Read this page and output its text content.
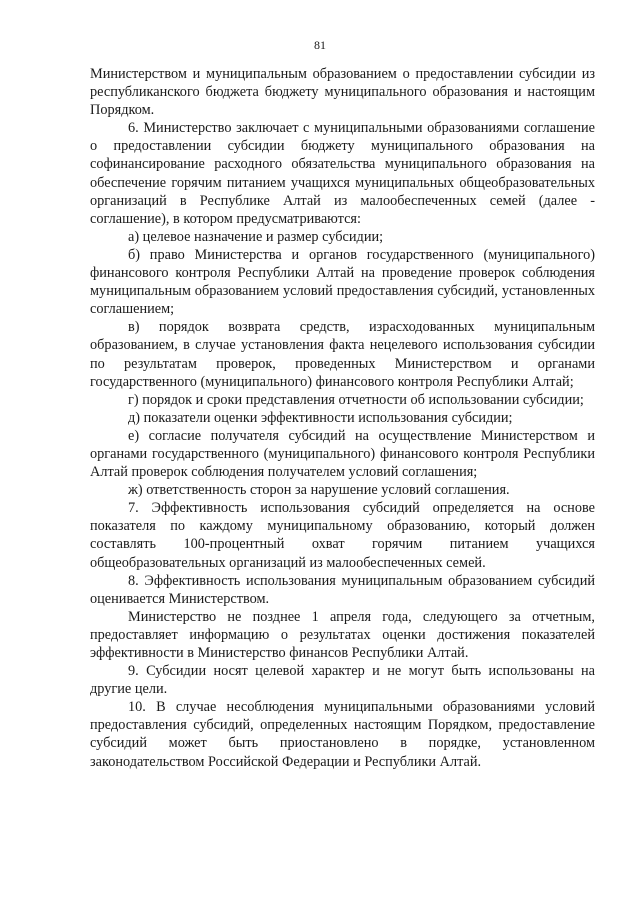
81

Министерством и муниципальным образованием о предоставлении субсидии из республиканского бюджета бюджету муниципального образования и настоящим Порядком.

6. Министерство заключает с муниципальными образованиями соглашение о предоставлении субсидии бюджету муниципального образования на софинансирование расходного обязательства муниципального образования на обеспечение горячим питанием учащихся муниципальных общеобразовательных организаций в Республике Алтай из малообеспеченных семей (далее - соглашение), в котором предусматриваются:

а) целевое назначение и размер субсидии;

б) право Министерства и органов государственного (муниципального) финансового контроля Республики Алтай на проведение проверок соблюдения муниципальным образованием условий предоставления субсидий, установленных соглашением;

в) порядок возврата средств, израсходованных муниципальным образованием, в случае установления факта нецелевого использования субсидии по результатам проверок, проведенных Министерством и органами государственного (муниципального) финансового контроля Республики Алтай;

г) порядок и сроки представления отчетности об использовании субсидии;

д) показатели оценки эффективности использования субсидии;

е) согласие получателя субсидий на осуществление Министерством и органами государственного (муниципального) финансового контроля Республики Алтай проверок соблюдения получателем условий соглашения;

ж) ответственность сторон за нарушение условий соглашения.

7. Эффективность использования субсидий определяется на основе показателя по каждому муниципальному образованию, который должен составлять 100-процентный охват горячим питанием учащихся общеобразовательных организаций из малообеспеченных семей.

8. Эффективность использования муниципальным образованием субсидий оценивается Министерством.

Министерство не позднее 1 апреля года, следующего за отчетным, предоставляет информацию о результатах оценки достижения показателей эффективности в Министерство финансов Республики Алтай.

9. Субсидии носят целевой характер и не могут быть использованы на другие цели.

10. В случае несоблюдения муниципальными образованиями условий предоставления субсидий, определенных настоящим Порядком, предоставление субсидий может быть приостановлено в порядке, установленном законодательством Российской Федерации и Республики Алтай.
